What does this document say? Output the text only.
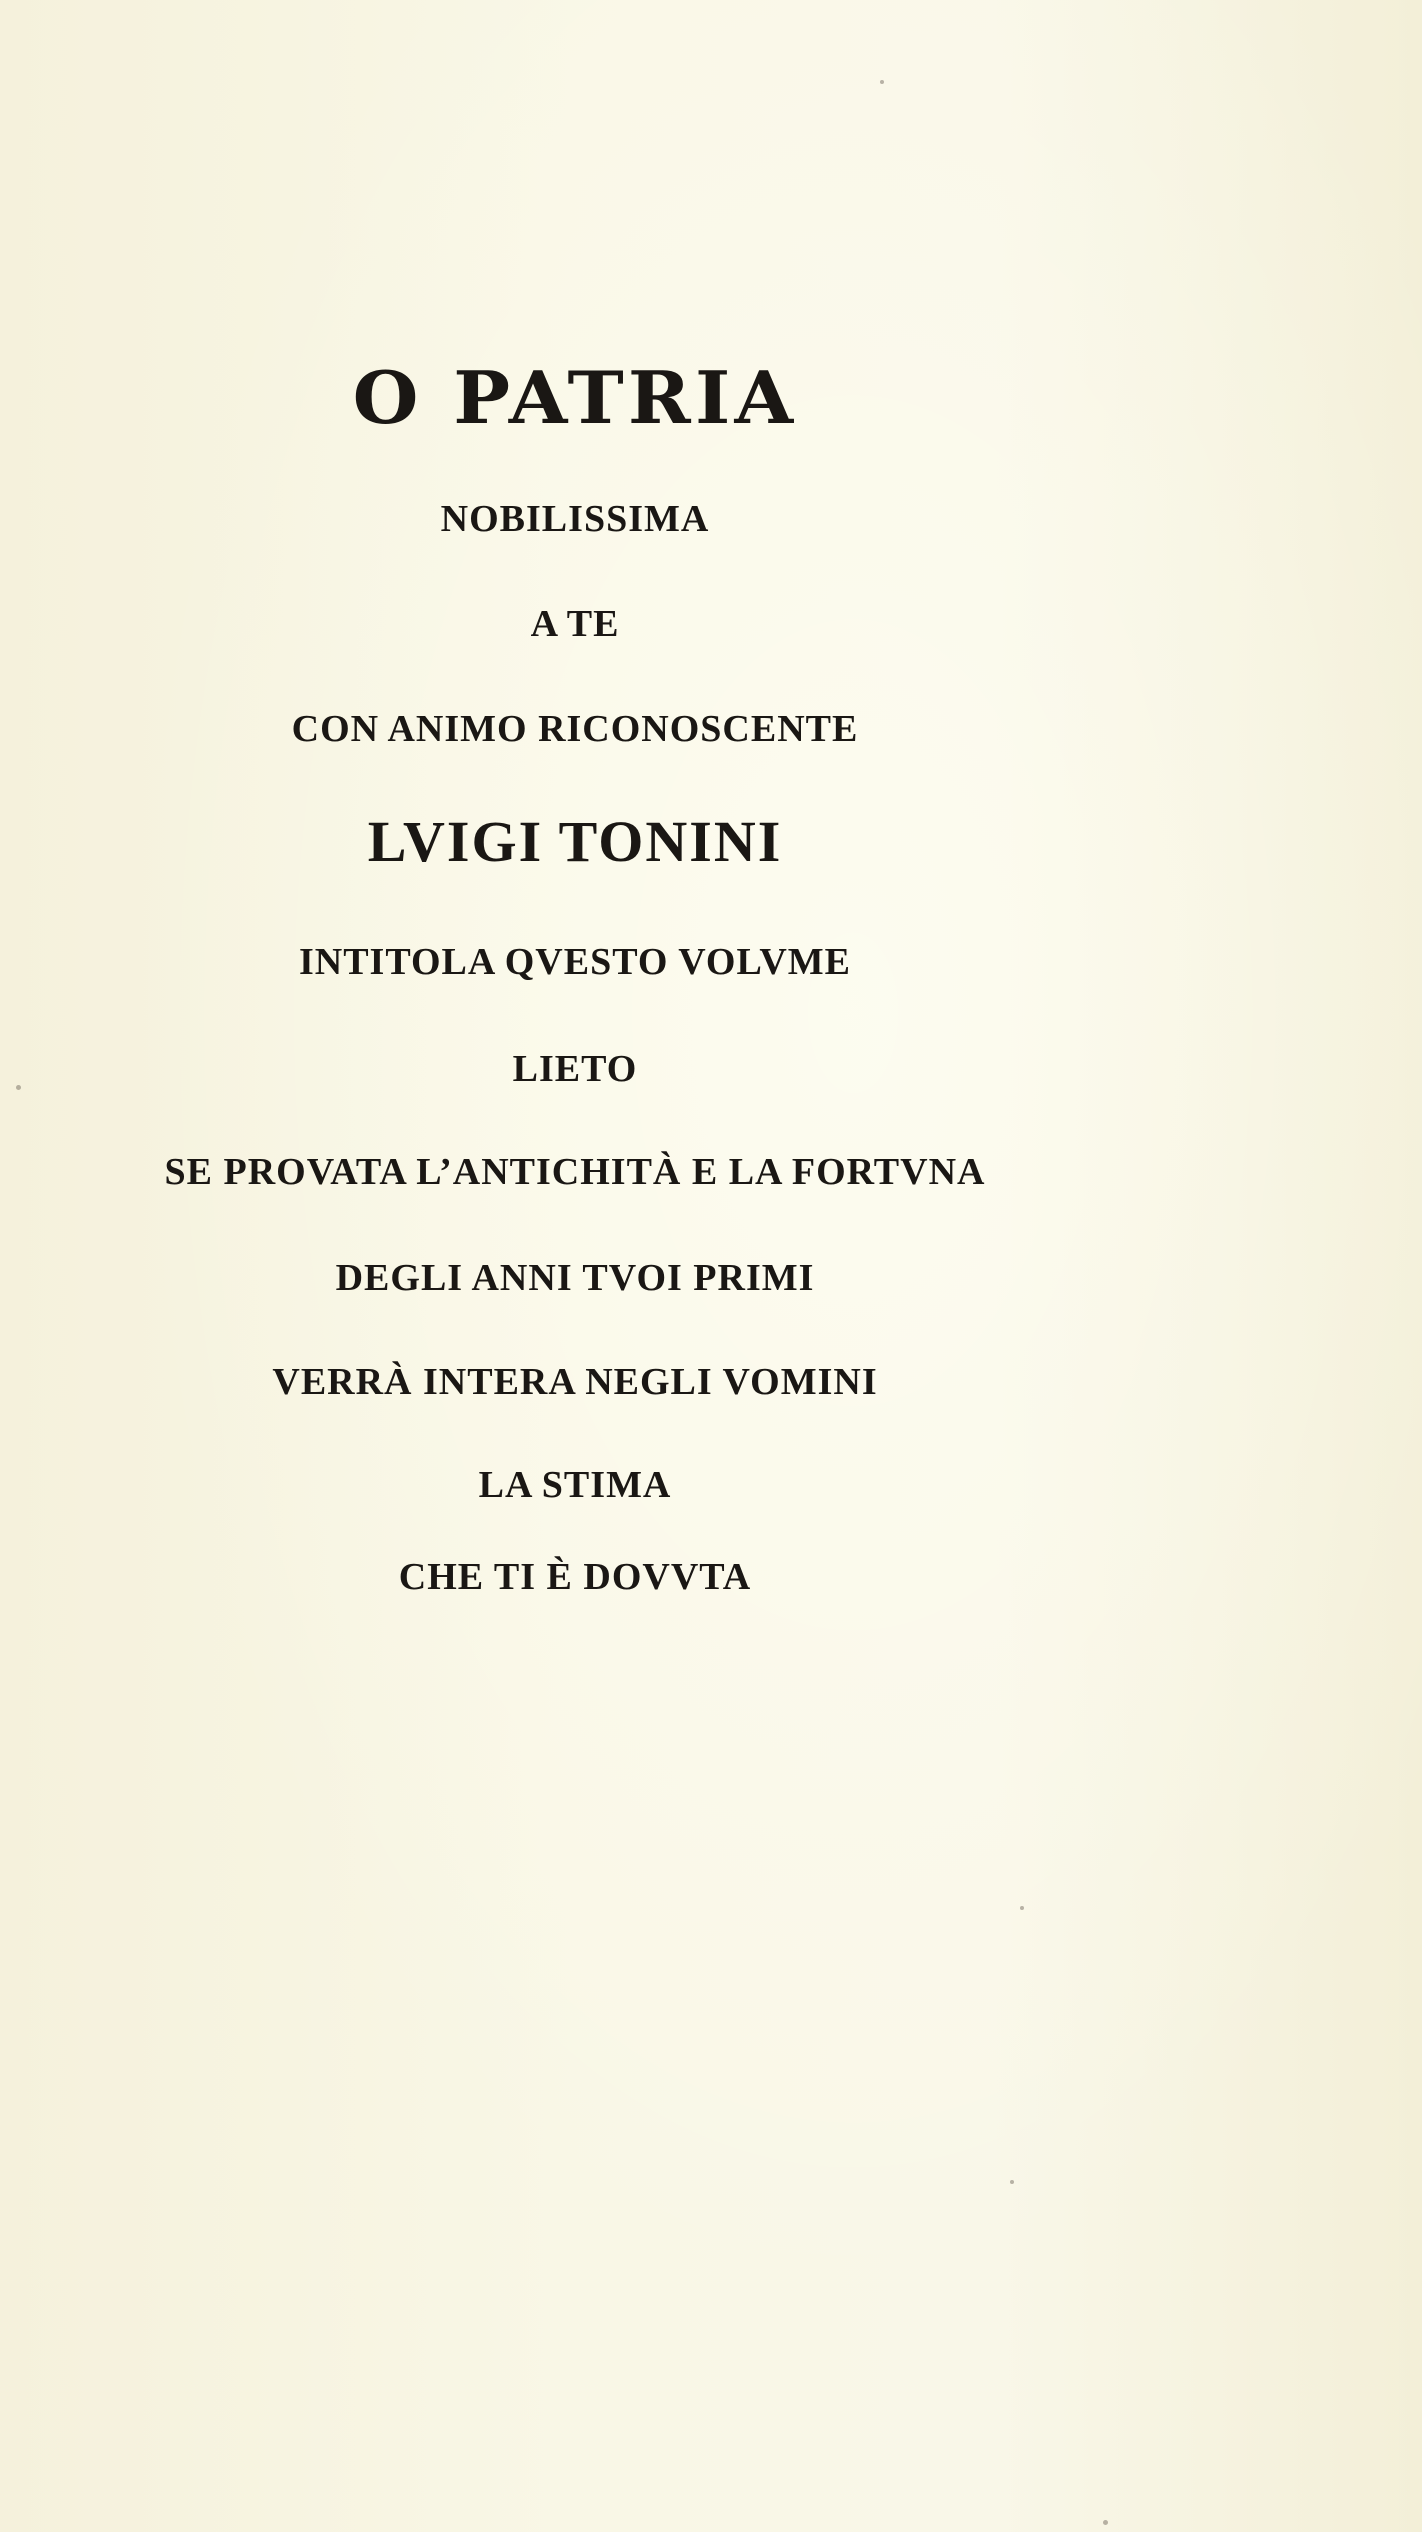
O PATRIA
NOBILISSIMA
A TE
CON ANIMO RICONOSCENTE
LVIGI TONINI
INTITOLA QVESTO VOLVME
LIETO
SE PROVATA L’ANTICHITÀ E LA FORTVNA
DEGLI ANNI TVOI PRIMI
VERRÀ INTERA NEGLI VOMINI
LA STIMA
CHE TI È DOVVTA
